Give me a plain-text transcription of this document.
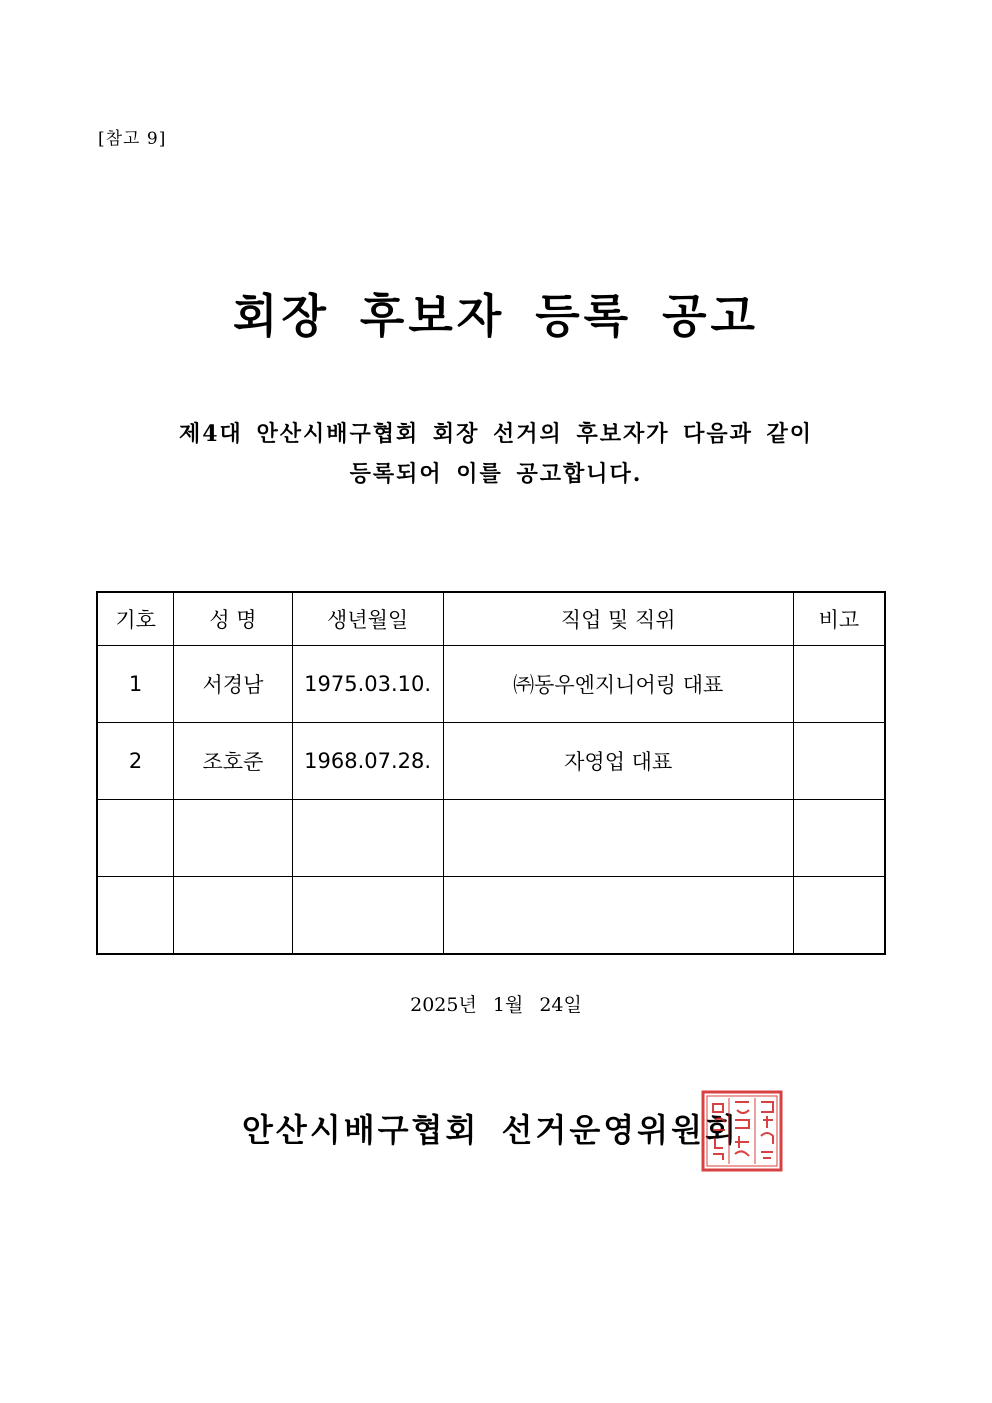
[참고 9]
회장 후보자 등록 공고
제4대 안산시배구협회 회장 선거의 후보자가 다음과 같이
등록되어 이를 공고합니다.
기호	성 명	생년월일	직업 및 직위	비고
1	서경남	1975.03.10.	㈜동우엔지니어링 대표	
2	조호준	1968.07.28.	자영업 대표	

2025년 1월 24일
안산시배구협회 선거운영위원회
